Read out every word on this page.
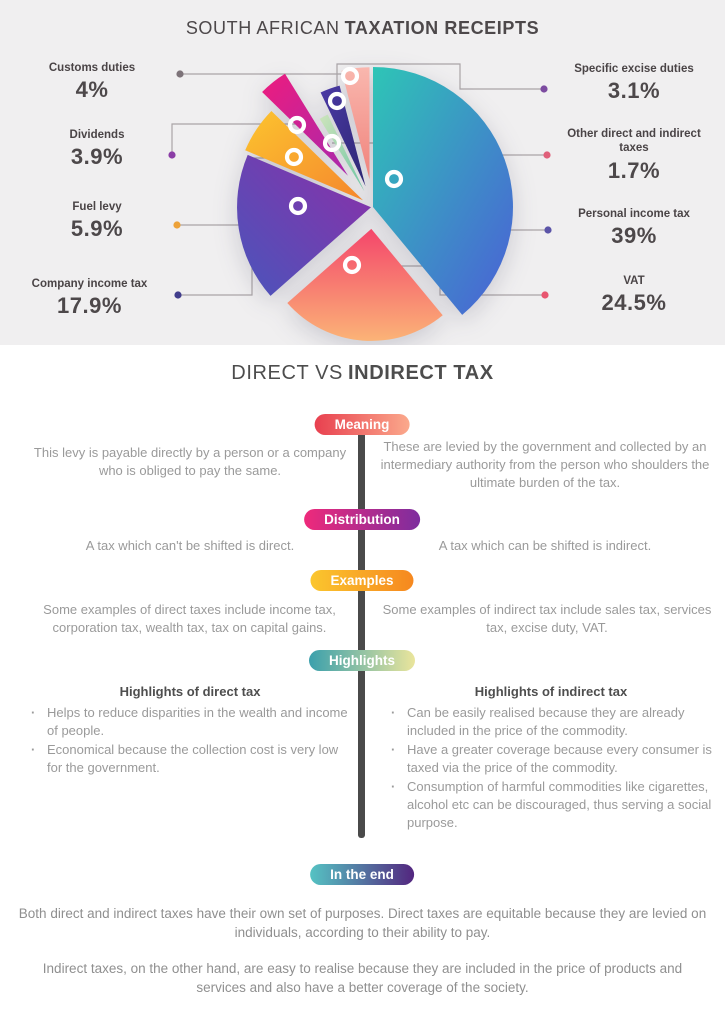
SOUTH AFRICAN TAXATION RECEIPTS
Customs duties
4%
Dividends
3.9%
Fuel levy
5.9%
Company income tax
17.9%
Specific excise duties
3.1%
Other direct and indirect taxes
1.7%
Personal income tax
39%
VAT
24.5%
DIRECT VS INDIRECT TAX
Meaning
Distribution
Examples
Highlights
In the end
This levy is payable directly by a person or a company who is obliged to pay the same.
These are levied by the government and collected by an intermediary authority from the person who shoulders the ultimate burden of the tax.
A tax which can't be shifted is direct.	A tax which can be shifted is indirect.
Some examples of direct taxes include income tax, corporation tax, wealth tax, tax on capital gains.
Some examples of indirect tax include sales tax, services tax, excise duty, VAT.
Highlights of direct tax
· Helps to reduce disparities in the wealth and income of people.
· Economical because the collection cost is very low for the government.
Highlights of indirect tax
· Can be easily realised because they are already included in the price of the commodity.
· Have a greater coverage because every consumer is taxed via the price of the commodity.
· Consumption of harmful commodities like cigarettes, alcohol etc can be discouraged, thus serving a social purpose.

Both direct and indirect taxes have their own set of purposes. Direct taxes are equitable because they are levied on individuals, according to their ability to pay.

Indirect taxes, on the other hand, are easy to realise because they are included in the price of products and services and also have a better coverage of the society.
